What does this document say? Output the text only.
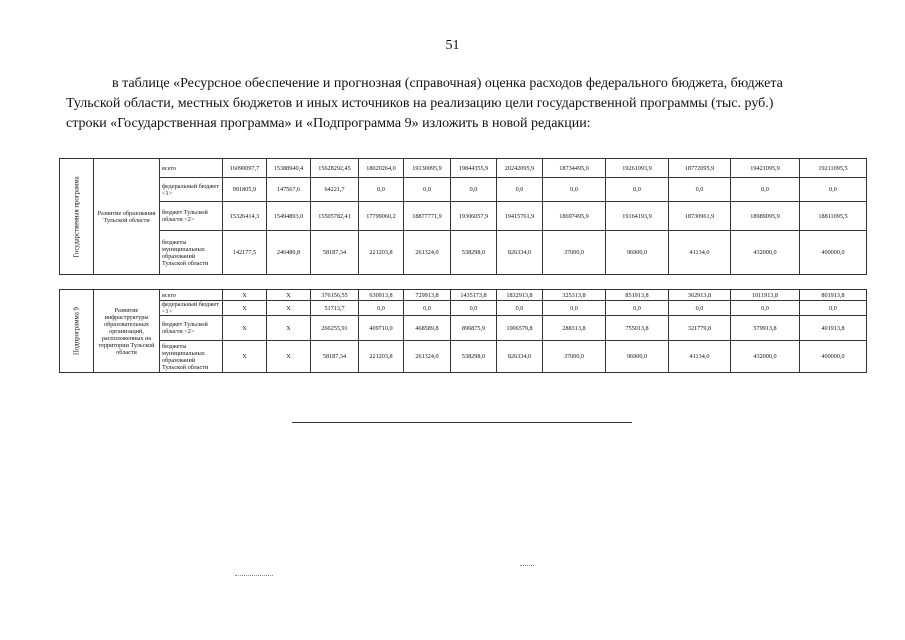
51
в таблице «Ресурсное обеспечение и прогнозная (справочная) оценка расходов федерального бюджета, бюджета
Тульской области, местных бюджетов и иных источников на реализацию цели государственной программы (тыс. руб.)
строки «Государственная программа» и «Подпрограмма 9» изложить в новой редакции:
Государственная программа	Развитие образования Тульской области	всего	16090097,7	15388940,4	15628292,45	18020264,0	19130095,9	19844355,9	20242095,9	18734495,0	19261093,9	18772095,9	19421095,9	19211095,5
		федеральный бюджет <1>	991805,9	147567,6	64221,7	0,0	0,0	0,0	0,0	0,0	0,0	0,0	0,0	0,0
		бюджет Тульской области <2>	15326414,3	15494893,0	15505782,41	17799060,2	18877771,9	19306057,9	19415761,9	18697495,9	19164193,9	18730961,9	18989095,9	18811095,5
		бюджеты муниципальных образований Тульской области	142177,5	246480,8	58187,34	221203,8	261324,0	538298,0	826334,0	37000,0	96900,0	41134,0	432000,0	400000,0
Подпрограмма 9	Развитие инфраструктуры образовательных организаций, расположенных на территории Тульской области	всего	Х	Х	376156,55	630913,8	729913,8	1435173,8	1832913,8	325313,8	851913,8	362913,8	1011913,8	801913,8
		федеральный бюджет <1>	Х	Х	51713,7	0,0	0,0	0,0	0,0	0,0	0,0	0,0	0,0	0,0
		бюджет Тульской области <2>	Х	Х	266255,91	409710,0	468589,8	896875,9	1006579,8	288313,8	755013,8	321779,8	579913,8	401913,8
		бюджеты муниципальных образований Тульской области	Х	Х	58187,34	221203,8	261324,0	538298,0	826334,0	37000,0	96900,0	41134,0	432000,0	400000,0
